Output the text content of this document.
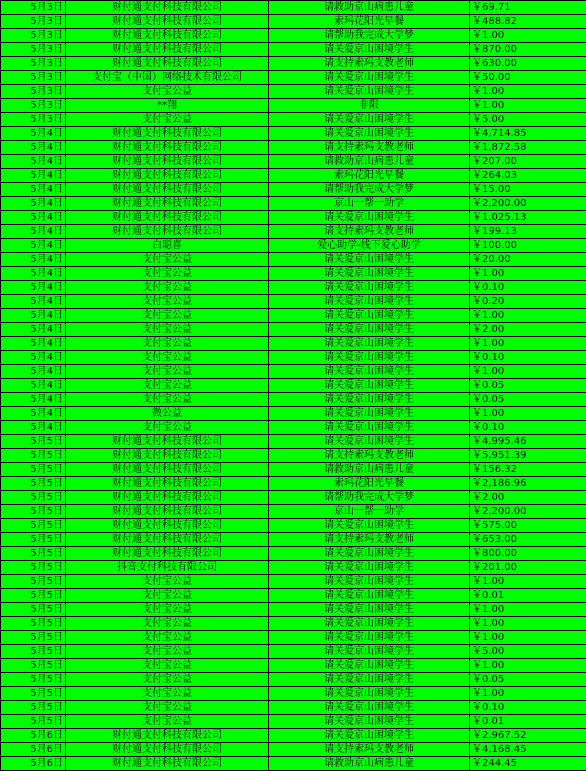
5月3日	财付通支付科技有限公司	请救助京山病患儿童	￥69.71
5月3日	财付通支付科技有限公司	索玛花阳光早餐	￥488.82
5月3日	财付通支付科技有限公司	请帮助我完成大学梦	￥1.00
5月3日	财付通支付科技有限公司	请关爱京山困境学生	￥870.00
5月3日	财付通支付科技有限公司	请支持索玛支教老师	￥630.00
5月3日	支付宝（中国）网络技术有限公司	请关爱京山困境学生	￥50.00
5月3日	支付宝公益	请关爱京山困境学生	￥1.00
5月3日	**翔	非限	￥1.00
5月3日	支付宝公益	请关爱京山困境学生	￥5.00
5月4日	财付通支付科技有限公司	请关爱京山困境学生	￥4,714.85
5月4日	财付通支付科技有限公司	请支持索玛支教老师	￥1,872.58
5月4日	财付通支付科技有限公司	请救助京山病患儿童	￥207.00
5月4日	财付通支付科技有限公司	索玛花阳光早餐	￥264.03
5月4日	财付通支付科技有限公司	请帮助我完成大学梦	￥15.00
5月4日	财付通支付科技有限公司	京山一帮一助学	￥2,200.00
5月4日	财付通支付科技有限公司	请关爱京山困境学生	￥1,025.13
5月4日	财付通支付科技有限公司	请支持索玛支教老师	￥199.13
5月4日	白聪喜	爱心助学-线下爱心助学	￥100.00
5月4日	支付宝公益	请关爱京山困境学生	￥20.00
5月4日	支付宝公益	请关爱京山困境学生	￥1.00
5月4日	支付宝公益	请关爱京山困境学生	￥0.10
5月4日	支付宝公益	请关爱京山困境学生	￥0.20
5月4日	支付宝公益	请关爱京山困境学生	￥1.00
5月4日	支付宝公益	请关爱京山困境学生	￥2.00
5月4日	支付宝公益	请关爱京山困境学生	￥1.00
5月4日	支付宝公益	请关爱京山困境学生	￥0.10
5月4日	支付宝公益	请关爱京山困境学生	￥1.00
5月4日	支付宝公益	请关爱京山困境学生	￥0.05
5月4日	支付宝公益	请关爱京山困境学生	￥0.05
5月4日	微公益	请关爱京山困境学生	￥1.00
5月4日	支付宝公益	请关爱京山困境学生	￥0.10
5月5日	财付通支付科技有限公司	请关爱京山困境学生	￥4,995.46
5月5日	财付通支付科技有限公司	请支持索玛支教老师	￥5,951.39
5月5日	财付通支付科技有限公司	请救助京山病患儿童	￥156.32
5月5日	财付通支付科技有限公司	索玛花阳光早餐	￥2,186.96
5月5日	财付通支付科技有限公司	请帮助我完成大学梦	￥2.00
5月5日	财付通支付科技有限公司	京山一帮一助学	￥2,200.00
5月5日	财付通支付科技有限公司	请关爱京山困境学生	￥575.00
5月5日	财付通支付科技有限公司	请支持索玛支教老师	￥653.00
5月5日	财付通支付科技有限公司	请关爱京山困境学生	￥800.00
5月5日	抖音支付科技有限公司	请关爱京山困境学生	￥201.00
5月5日	支付宝公益	请关爱京山困境学生	￥1.00
5月5日	支付宝公益	请关爱京山困境学生	￥0.01
5月5日	支付宝公益	请关爱京山困境学生	￥1.00
5月5日	支付宝公益	请关爱京山困境学生	￥1.00
5月5日	支付宝公益	请关爱京山困境学生	￥1.00
5月5日	支付宝公益	请关爱京山困境学生	￥5.00
5月5日	支付宝公益	请关爱京山困境学生	￥1.00
5月5日	支付宝公益	请关爱京山困境学生	￥0.05
5月5日	支付宝公益	请关爱京山困境学生	￥1.00
5月5日	支付宝公益	请关爱京山困境学生	￥0.10
5月5日	支付宝公益	请关爱京山困境学生	￥0.01
5月6日	财付通支付科技有限公司	请关爱京山困境学生	￥2,967.52
5月6日	财付通支付科技有限公司	请支持索玛支教老师	￥4,168.45
5月6日	财付通支付科技有限公司	请救助京山病患儿童	￥244.45
